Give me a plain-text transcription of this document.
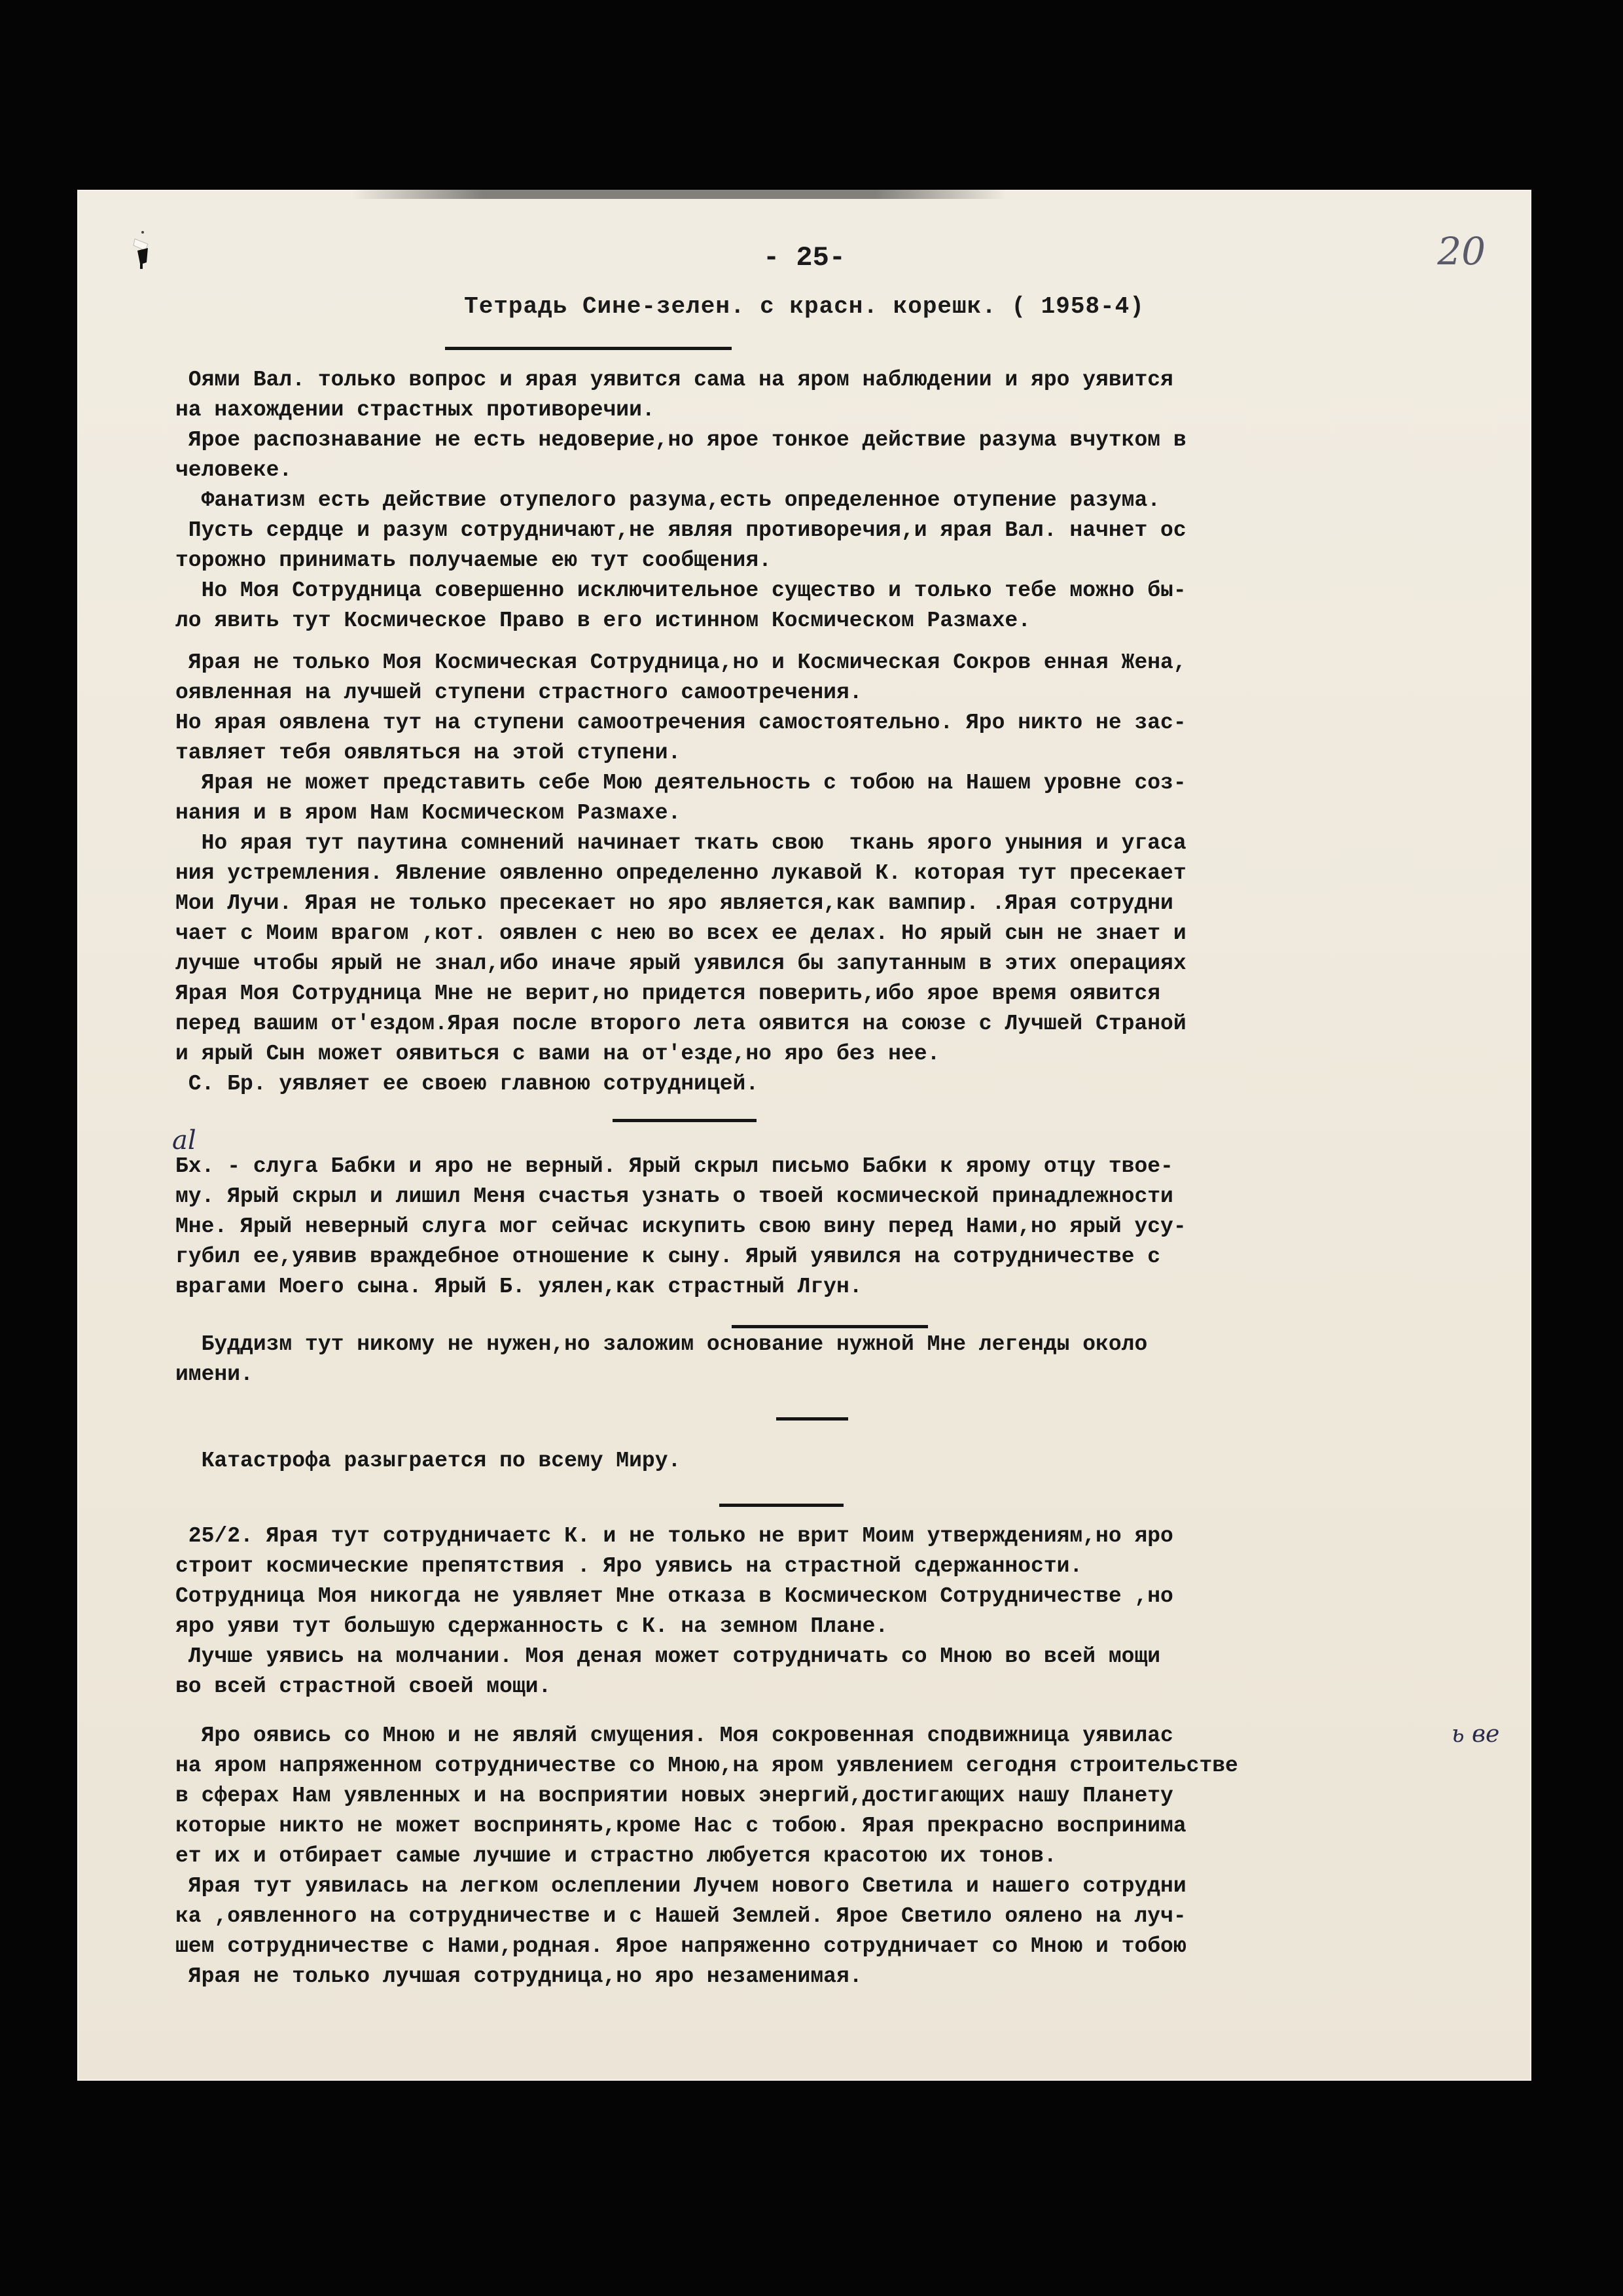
- 25-	20
Тетрадь Сине-зелен. с красн. корешк. ( 1958-4)
Оями Вал. только вопрос и ярая уявится сама на яром наблюдении и яро уявится
на нахождении страстных противоречии.
Ярое распознавание не есть недоверие,но ярое тонкое действие разума вчутком в
человеке.
Фанатизм есть действие отупелого разума,есть определенное отупение разума.
Пусть сердце и разум сотрудничают,не являя противоречия,и ярая Вал. начнет ос
торожно принимать получаемые ею тут сообщения.
Но Моя Сотрудница совершенно исключительное существо и только тебе можно бы-
ло явить тут Космическое Право в его истинном Космическом Размахе.
Ярая не только Моя Космическая Сотрудница,но и Космическая Сокров енная Жена,
оявленная на лучшей ступени страстного самоотречения.
Но ярая оявлена тут на ступени самоотречения самостоятельно. Яро никто не зас-
тавляет тебя оявляться на этой ступени.
Ярая не может представить себе Мою деятельность с тобою на Нашем уровне соз-
нания и в яром Нам Космическом Размахе.
Но ярая тут паутина сомнений начинает ткать свою  ткань ярого уныния и угаса
ния устремления. Явление оявленно определенно лукавой К. которая тут пресекает
Мои Лучи. Ярая не только пресекает но яро является,как вампир. .Ярая сотрудни
чает с Моим врагом ,кот. оявлен с нею во всех ее делах. Но ярый сын не знает и
лучше чтобы ярый не знал,ибо иначе ярый уявился бы запутанным в этих операциях
Ярая Моя Сотрудница Мне не верит,но придется поверить,ибо ярое время оявится
перед вашим от'ездом.Ярая после второго лета оявится на союзе с Лучшей Страной
и ярый Сын может оявиться с вами на от'езде,но яро без нее.
С. Бр. уявляет ее своею главною сотрудницей.
al
Бх. - слуга Бабки и яро не верный. Ярый скрыл письмо Бабки к ярому отцу твое-
му. Ярый скрыл и лишил Меня счастья узнать о твоей космической принадлежности
Мне. Ярый неверный слуга мог сейчас искупить свою вину перед Нами,но ярый усу-
губил ее,уявив враждебное отношение к сыну. Ярый уявился на сотрудничестве с
врагами Моего сына. Ярый Б. уялен,как страстный Лгун.
Буддизм тут никому не нужен,но заложим основание нужной Мне легенды около
имени.
Катастрофа разыграется по всему Миру.
25/2. Ярая тут сотрудничаетс К. и не только не врит Моим утверждениям,но яро
строит космические препятствия . Яро уявись на страстной сдержанности.
Сотрудница Моя никогда не уявляет Мне отказа в Космическом Сотрудничестве ,но
яро уяви тут большую сдержанность с К. на земном Плане.
Лучше уявись на молчании. Моя деная может сотрудничать со Мною во всей мощи
во всей страстной своей мощи.
Яро оявись со Мною и не являй смущения. Моя сокровенная сподвижница уявилас
на яром напряженном сотрудничестве со Мною,на яром уявлением сегодня строительстве
в сферах Нам уявленных и на восприятии новых энергий,достигающих нашу Планету
которые никто не может воспринять,кроме Нас с тобою. Ярая прекрасно воспринима
ет их и отбирает самые лучшие и страстно любуется красотою их тонов.
Ярая тут уявилась на легком ослеплении Лучем нового Светила и нашего сотрудни
ка ,оявленного на сотрудничестве и с Нашей Землей. Ярое Светило оялено на луч-
шем сотрудничестве с Нами,родная. Ярое напряженно сотрудничает со Мною и тобою
Ярая не только лучшая сотрудница,но яро незаменимая.
ь ве
